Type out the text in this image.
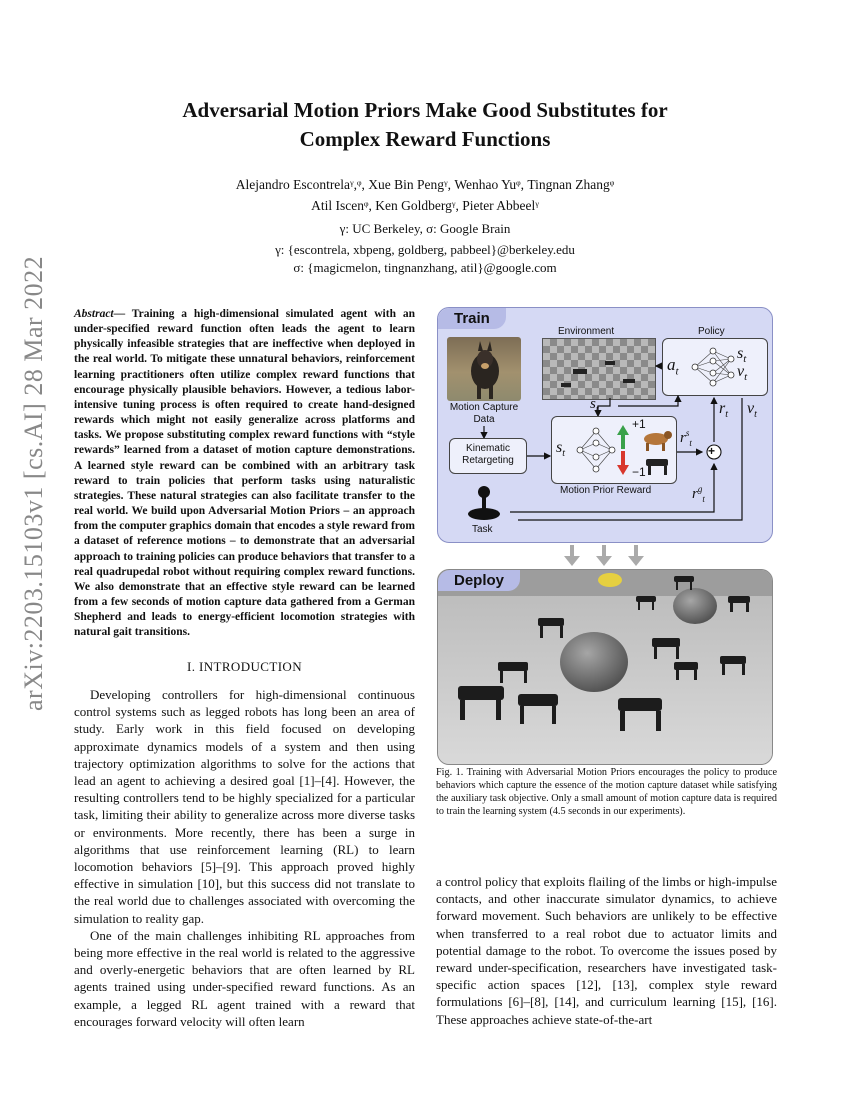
Adversarial Motion Priors Make Good Substitutes for
Complex Reward Functions
Alejandro Escontrelaᵞ,ᵠ, Xue Bin Pengᵞ, Wenhao Yuᵠ, Tingnan Zhangᵠ
Atil Iscenᵠ, Ken Goldbergᵞ, Pieter Abbeelᵞ
γ: UC Berkeley, σ: Google Brain
γ: {escontrela, xbpeng, goldberg, pabbeel}@berkeley.edu
σ: {magicmelon, tingnanzhang, atil}@google.com
arXiv:2203.15103v1 [cs.AI] 28 Mar 2022 Abstract— Training a high-dimensional simulated agent with an under-specified reward function often leads the agent to learn physically infeasible strategies that are ineffective when deployed in the real world. To mitigate these unnatural behaviors, reinforcement learning practitioners often utilize complex reward functions that encourage physically plausible behaviors. However, a tedious labor-intensive tuning process is often required to create hand-designed rewards which might not easily generalize across platforms and tasks. We propose substituting complex reward functions with “style rewards” learned from a dataset of motion capture demonstrations. A learned style reward can be combined with an arbitrary task reward to train policies that perform tasks using naturalistic strategies. These natural strategies can also facilitate transfer to the real world. We build upon Adversarial Motion Priors – an approach from the computer graphics domain that encodes a style reward from a dataset of reference motions – to demonstrate that an adversarial approach to training policies can produce behaviors that transfer to a real quadrupedal robot without requiring complex reward functions. We also demonstrate that an effective style reward can be learned from a few seconds of motion capture data gathered from a German Shepherd and leads to energy-efficient locomotion strategies with natural gait transitions.
I. INTRODUCTION

Developing controllers for high-dimensional continuous control systems such as legged robots has long been an area of study. Early work in this field focused on developing approximate dynamics models of a system and then using trajectory optimization algorithms to solve for the actions that lead an agent to achieving a desired goal [1]–[4]. However, the resulting controllers tend to be highly specialized for a particular task, limiting their ability to generalize across more diverse tasks or environments. More recently, there has been a surge in algorithms that use reinforcement learning (RL) to learn locomotion behaviors [5]–[9]. This approach proved highly effective in simulation [10], but this success did not translate to the real world due to challenges associated with overcoming the simulation to reality gap.

One of the main challenges inhibiting RL approaches from being more effective in the real world is related to the aggressive and overly-energetic behaviors that are often learned by RL agents trained using under-specified reward functions. As an example, a legged RL agent trained with a reward that encourages forward velocity will often learn

a control policy that exploits flailing of the limbs or high-impulse contacts, and other inaccurate simulator dynamics, to achieve forward movement. Such behaviors are unlikely to be effective when transferred to a real robot due to actuator limits and potential damage to the robot. To overcome the issues posed by reward under-specification, researchers have investigated task-specific action spaces [12], [13], complex style reward formulations [6]–[8], [14], and curriculum learning [15], [16]. These approaches achieve state-of-the-art

Train
Motion Capture Data
Environment	Policy
$a_t$
$s_t$
$v_t$
+
$s_t$	$r_t$ $v_t$
$r^s_t$
$r^g_t$
Kinematic Retargeting
$s_t$
+1
−1
Motion Prior Reward
Task
Deploy
Fig. 1. Training with Adversarial Motion Priors encourages the policy to produce behaviors which capture the essence of the motion capture dataset while satisfying the auxiliary task objective. Only a small amount of motion capture data is required to train the learning system (4.5 seconds in our experiments).
